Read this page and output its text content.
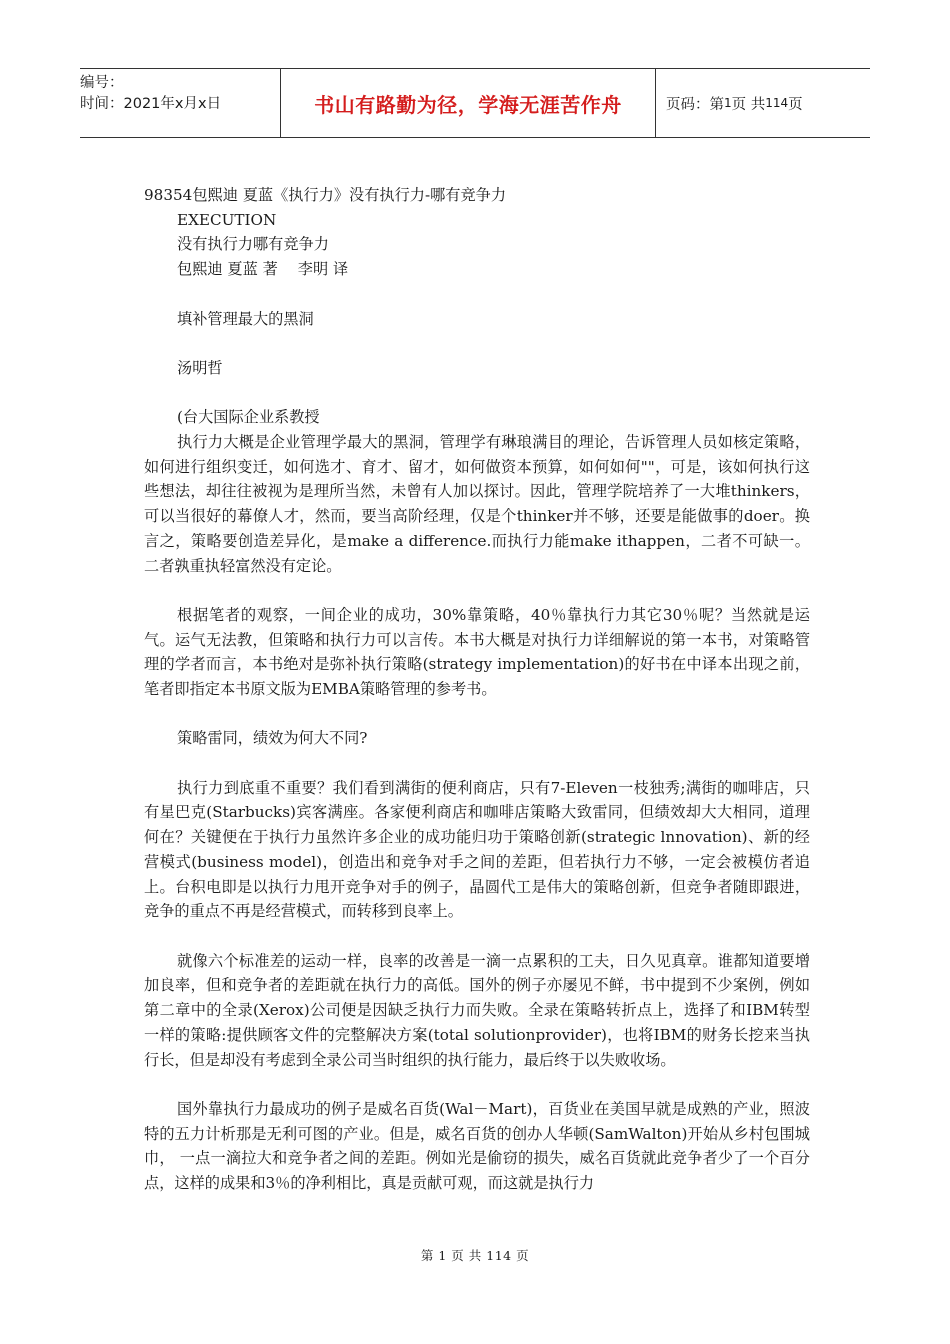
编号：
时间：2021年x月x日	书山有路勤为径，学海无涯苦作舟	页码：第 1 页 共 114 页

98354包熙迪 夏蓝《执行力》没有执行力-哪有竞争力

EXECUTION

没有执行力哪有竞争力

包熙迪 夏蓝 著　 李明 译

填补管理最大的黑洞

汤明哲

(台大国际企业系教授

执行力大概是企业管理学最大的黑洞，管理学有琳琅满目的理论，告诉管理人员如核定策略，如何进行组织变迁，如何选才、育才、留才，如何做资本预算，如何如何""，可是，该如何执行这些想法，却往往被视为是理所当然，未曾有人加以探讨。因此，管理学院培养了一大堆thinkers，可以当很好的幕僚人才，然而，要当高阶经理，仅是个thinker并不够，还要是能做事的doer。换言之，策略要创造差异化，是make a difference.而执行力能make ithappen，二者不可缺一。二者孰重执轻富然没有定论。

根据笔者的观察，一间企业的成功，30%靠策略，40％靠执行力其它30％呢？当然就是运气。运气无法教，但策略和执行力可以言传。本书大概是对执行力详细解说的第一本书，对策略管理的学者而言，本书绝对是弥补执行策略(strategy implementation)的好书在中译本出现之前，笔者即指定本书原文版为EMBA策略管理的参考书。

策略雷同，绩效为何大不同?

执行力到底重不重要？我们看到满街的便利商店，只有7-Eleven一枝独秀;满街的咖啡店，只有星巴克(Starbucks)宾客满座。各家便利商店和咖啡店策略大致雷同，但绩效却大大相同，道理何在？关键便在于执行力虽然许多企业的成功能归功于策略创新(strategic lnnovation)、新的经营模式(business model)，创造出和竞争对手之间的差距，但若执行力不够，一定会被模仿者追上。台积电即是以执行力甩开竞争对手的例子，晶圆代工是伟大的策略创新，但竞争者随即跟进，竞争的重点不再是经营模式，而转移到良率上。

就像六个标准差的运动一样，良率的改善是一滴一点累积的工夫，日久见真章。谁都知道要增加良率，但和竞争者的差距就在执行力的高低。国外的例子亦屡见不鲜，书中提到不少案例，例如第二章中的全录(Xerox)公司便是因缺乏执行力而失败。全录在策略转折点上，选择了和IBM转型一样的策略:提供顾客文件的完整解决方案(total solutionprovider)，也将IBM的财务长挖来当执行长，但是却没有考虑到全录公司当时组织的执行能力，最后终于以失败收场。

国外靠执行力最成功的例子是威名百货(Wal－Mart)，百货业在美国早就是成熟的产业，照波特的五力计析那是无利可图的产业。但是，威名百货的创办人华顿(SamWalton)开始从乡村包围城巾， 一点一滴拉大和竞争者之间的差距。例如光是偷窃的损失，威名百货就此竞争者少了一个百分点，这样的成果和3％的净利相比，真是贡献可观，而这就是执行力

第 1 页 共 114 页
